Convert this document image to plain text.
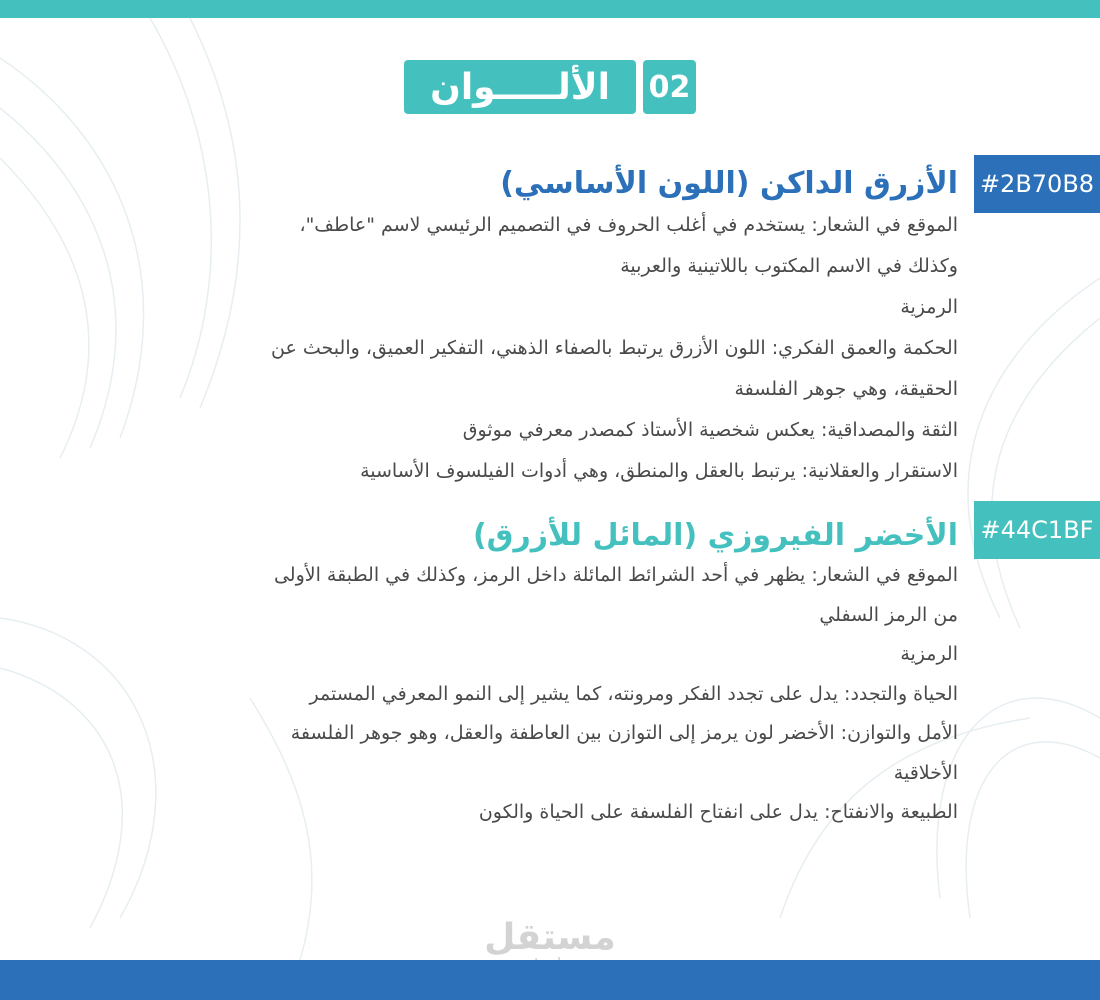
02
الألـــــوان
#2B70B8
الأزرق الداكن (اللون الأساسي)
الموقع في الشعار: يستخدم في أغلب الحروف في التصميم الرئيسي لاسم "عاطف"،
وكذلك في الاسم المكتوب باللاتينية والعربية
الرمزية
الحكمة والعمق الفكري: اللون الأزرق يرتبط بالصفاء الذهني، التفكير العميق، والبحث عن
الحقيقة، وهي جوهر الفلسفة
الثقة والمصداقية: يعكس شخصية الأستاذ كمصدر معرفي موثوق
الاستقرار والعقلانية: يرتبط بالعقل والمنطق، وهي أدوات الفيلسوف الأساسية
#44C1BF
الأخضر الفيروزي (المائل للأزرق)
الموقع في الشعار: يظهر في أحد الشرائط المائلة داخل الرمز، وكذلك في الطبقة الأولى
من الرمز السفلي
الرمزية
الحياة والتجدد: يدل على تجدد الفكر ومرونته، كما يشير إلى النمو المعرفي المستمر
الأمل والتوازن: الأخضر لون يرمز إلى التوازن بين العاطفة والعقل، وهو جوهر الفلسفة
الأخلاقية
الطبيعة والانفتاح: يدل على انفتاح الفلسفة على الحياة والكون
مستقل
